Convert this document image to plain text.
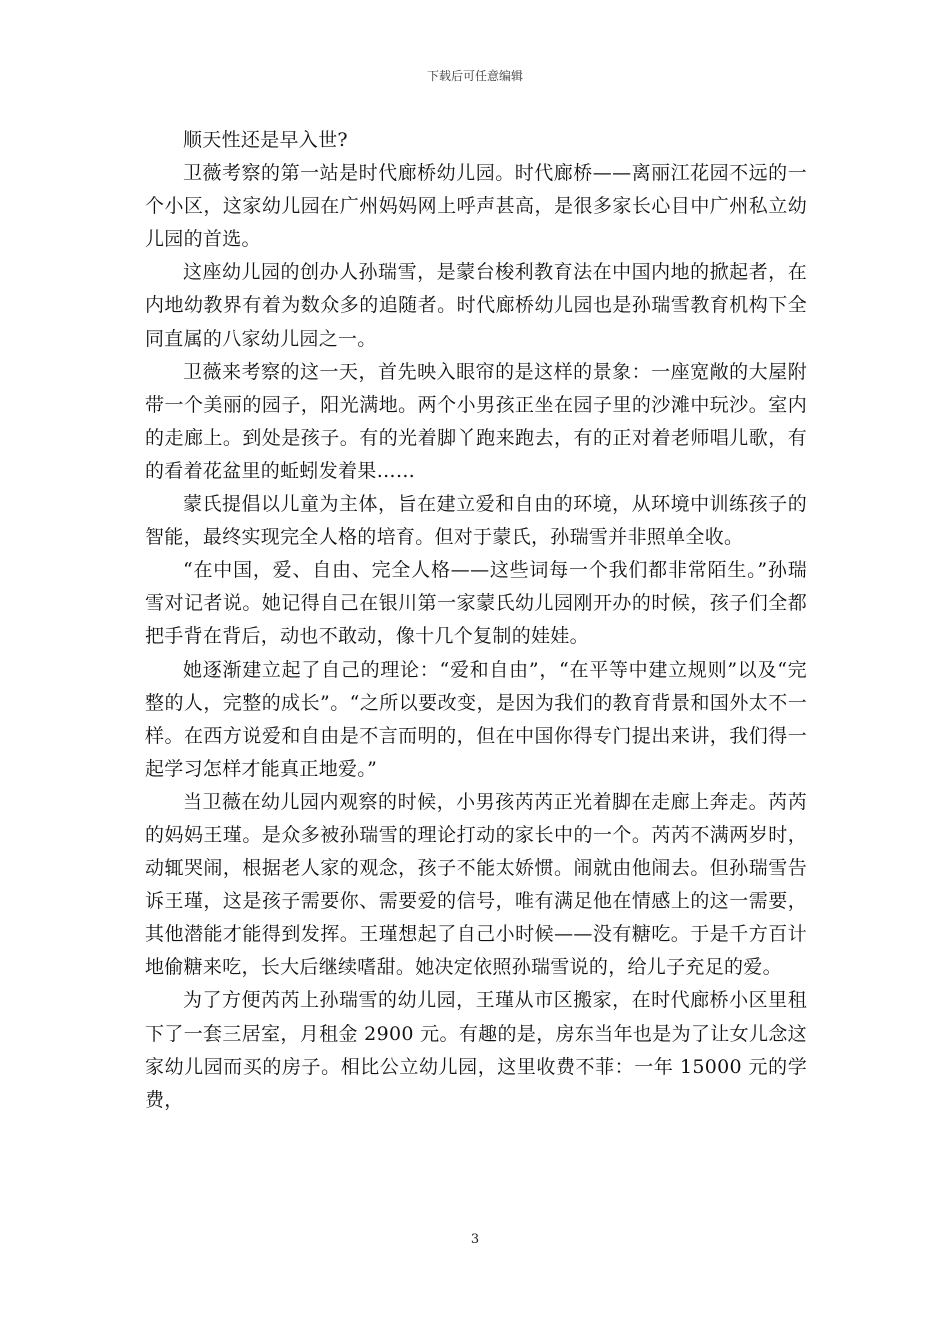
下载后可任意编辑

顺天性还是早入世?

卫薇考察的第一站是时代廊桥幼儿园。时代廊桥——离丽江花园不远的一个小区，这家幼儿园在广州妈妈网上呼声甚高，是很多家长心目中广州私立幼儿园的首选。

这座幼儿园的创办人孙瑞雪，是蒙台梭利教育法在中国内地的掀起者，在内地幼教界有着为数众多的追随者。时代廊桥幼儿园也是孙瑞雪教育机构下全同直属的八家幼儿园之一。

卫薇来考察的这一天，首先映入眼帘的是这样的景象：一座宽敞的大屋附带一个美丽的园子，阳光满地。两个小男孩正坐在园子里的沙滩中玩沙。室内的走廊上。到处是孩子。有的光着脚丫跑来跑去，有的正对着老师唱儿歌，有的看着花盆里的蚯蚓发着果……

蒙氏提倡以儿童为主体，旨在建立爱和自由的环境，从环境中训练孩子的智能，最终实现完全人格的培育。但对于蒙氏，孙瑞雪并非照单全收。

“在中国，爱、自由、完全人格——这些词每一个我们都非常陌生。”孙瑞雪对记者说。她记得自己在银川第一家蒙氏幼儿园刚开办的时候，孩子们全都把手背在背后，动也不敢动，像十几个复制的娃娃。

她逐渐建立起了自己的理论：“爱和自由”，“在平等中建立规则”以及“完整的人，完整的成长”。“之所以要改变，是因为我们的教育背景和国外太不一样。在西方说爱和自由是不言而明的，但在中国你得专门提出来讲，我们得一起学习怎样才能真正地爱。”

当卫薇在幼儿园内观察的时候，小男孩芮芮正光着脚在走廊上奔走。芮芮的妈妈王瑾。是众多被孙瑞雪的理论打动的家长中的一个。芮芮不满两岁时，动辄哭闹，根据老人家的观念，孩子不能太娇惯。闹就由他闹去。但孙瑞雪告诉王瑾，这是孩子需要你、需要爱的信号，唯有满足他在情感上的这一需要，其他潜能才能得到发挥。王瑾想起了自己小时候——没有糖吃。于是千方百计地偷糖来吃，长大后继续嗜甜。她决定依照孙瑞雪说的，给儿子充足的爱。

为了方便芮芮上孙瑞雪的幼儿园，王瑾从市区搬家，在时代廊桥小区里租下了一套三居室，月租金 2900 元。有趣的是，房东当年也是为了让女儿念这家幼儿园而买的房子。相比公立幼儿园，这里收费不菲：一年 15000 元的学费，

3
